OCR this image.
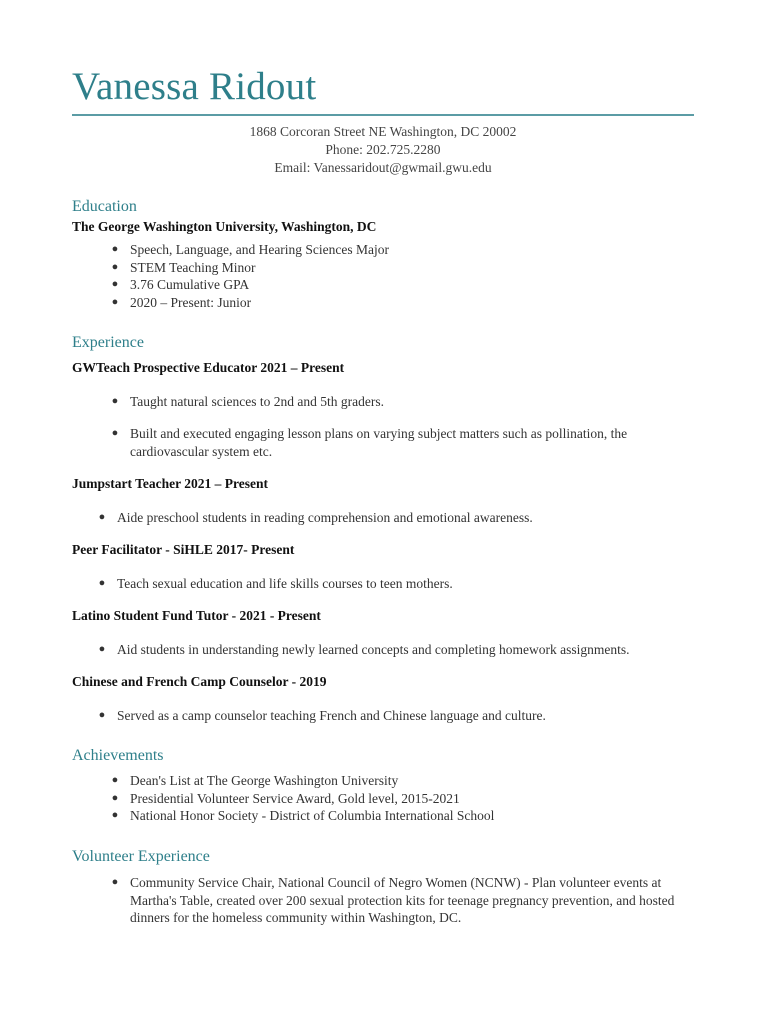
Vanessa Ridout
1868 Corcoran Street NE Washington, DC 20002
Phone: 202.725.2280
Email: Vanessaridout@gwmail.gwu.edu
Education

The George Washington University, Washington, DC

● Speech, Language, and Hearing Sciences Major
● STEM Teaching Minor
● 3.76 Cumulative GPA
● 2020 – Present: Junior
Experience

GWTeach Prospective Educator 2021 – Present

● Taught natural sciences to 2nd and 5th graders.
● Built and executed engaging lesson plans on varying subject matters such as pollination, the cardiovascular system etc.

Jumpstart Teacher 2021 – Present

● Aide preschool students in reading comprehension and emotional awareness.

Peer Facilitator - SiHLE 2017- Present

● Teach sexual education and life skills courses to teen mothers.

Latino Student Fund Tutor - 2021 - Present

● Aid students in understanding newly learned concepts and completing homework assignments.

Chinese and French Camp Counselor - 2019

● Served as a camp counselor teaching French and Chinese language and culture.
Achievements
● Dean's List at The George Washington University
● Presidential Volunteer Service Award, Gold level, 2015-2021
● National Honor Society - District of Columbia International School
Volunteer Experience
● Community Service Chair, National Council of Negro Women (NCNW) - Plan volunteer events at Martha's Table, created over 200 sexual protection kits for teenage pregnancy prevention, and hosted dinners for the homeless community within Washington, DC.
